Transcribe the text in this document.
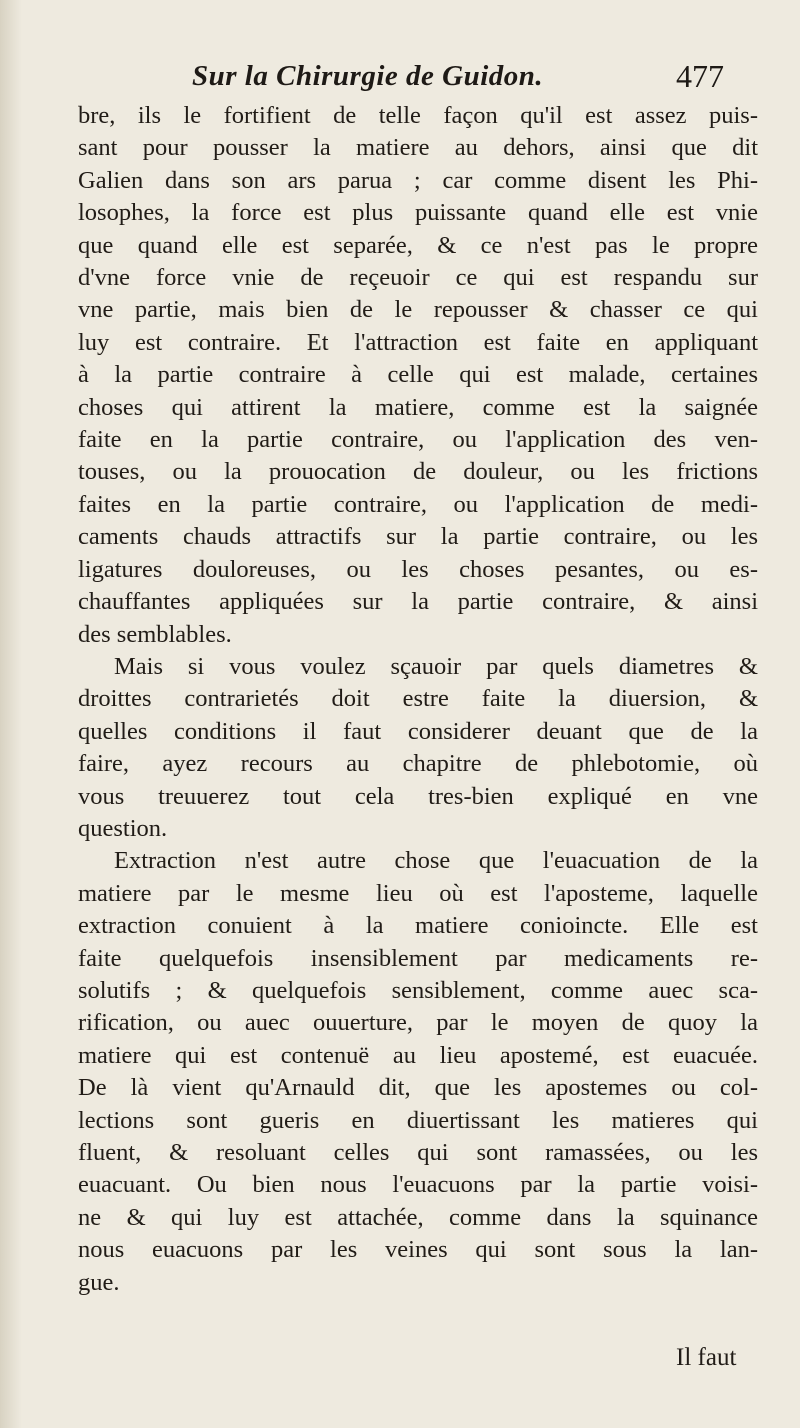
Sur la Chirurgie de Guidon.	477
bre, ils le fortifient de telle façon qu'il est assez puis-
sant pour pousser la matiere au dehors, ainsi que dit
Galien dans son ars parua ; car comme disent les Phi-
losophes, la force est plus puissante quand elle est vnie
que quand elle est separée, & ce n'est pas le propre
d'vne force vnie de reçeuoir ce qui est respandu sur
vne partie, mais bien de le repousser & chasser ce qui
luy est contraire. Et l'attraction est faite en appliquant
à la partie contraire à celle qui est malade, certaines
choses qui attirent la matiere, comme est la saignée
faite en la partie contraire, ou l'application des ven-
touses, ou la prouocation de douleur, ou les frictions
faites en la partie contraire, ou l'application de medi-
caments chauds attractifs sur la partie contraire, ou les
ligatures douloreuses, ou les choses pesantes, ou es-
chauffantes appliquées sur la partie contraire, & ainsi
des semblables.
Mais si vous voulez sçauoir par quels diametres &
droittes contrarietés doit estre faite la diuersion, &
quelles conditions il faut considerer deuant que de la
faire, ayez recours au chapitre de phlebotomie, où
vous treuuerez tout cela tres-bien expliqué en vne
question.
Extraction n'est autre chose que l'euacuation de la
matiere par le mesme lieu où est l'aposteme, laquelle
extraction conuient à la matiere conioincte. Elle est
faite quelquefois insensiblement par medicaments re-
solutifs ; & quelquefois sensiblement, comme auec sca-
rification, ou auec ouuerture, par le moyen de quoy la
matiere qui est contenuë au lieu apostemé, est euacuée.
De là vient qu'Arnauld dit, que les apostemes ou col-
lections sont gueris en diuertissant les matieres qui
fluent, & resoluant celles qui sont ramassées, ou les
euacuant. Ou bien nous l'euacuons par la partie voisi-
ne & qui luy est attachée, comme dans la squinance
nous euacuons par les veines qui sont sous la lan-
gue.
Il faut
